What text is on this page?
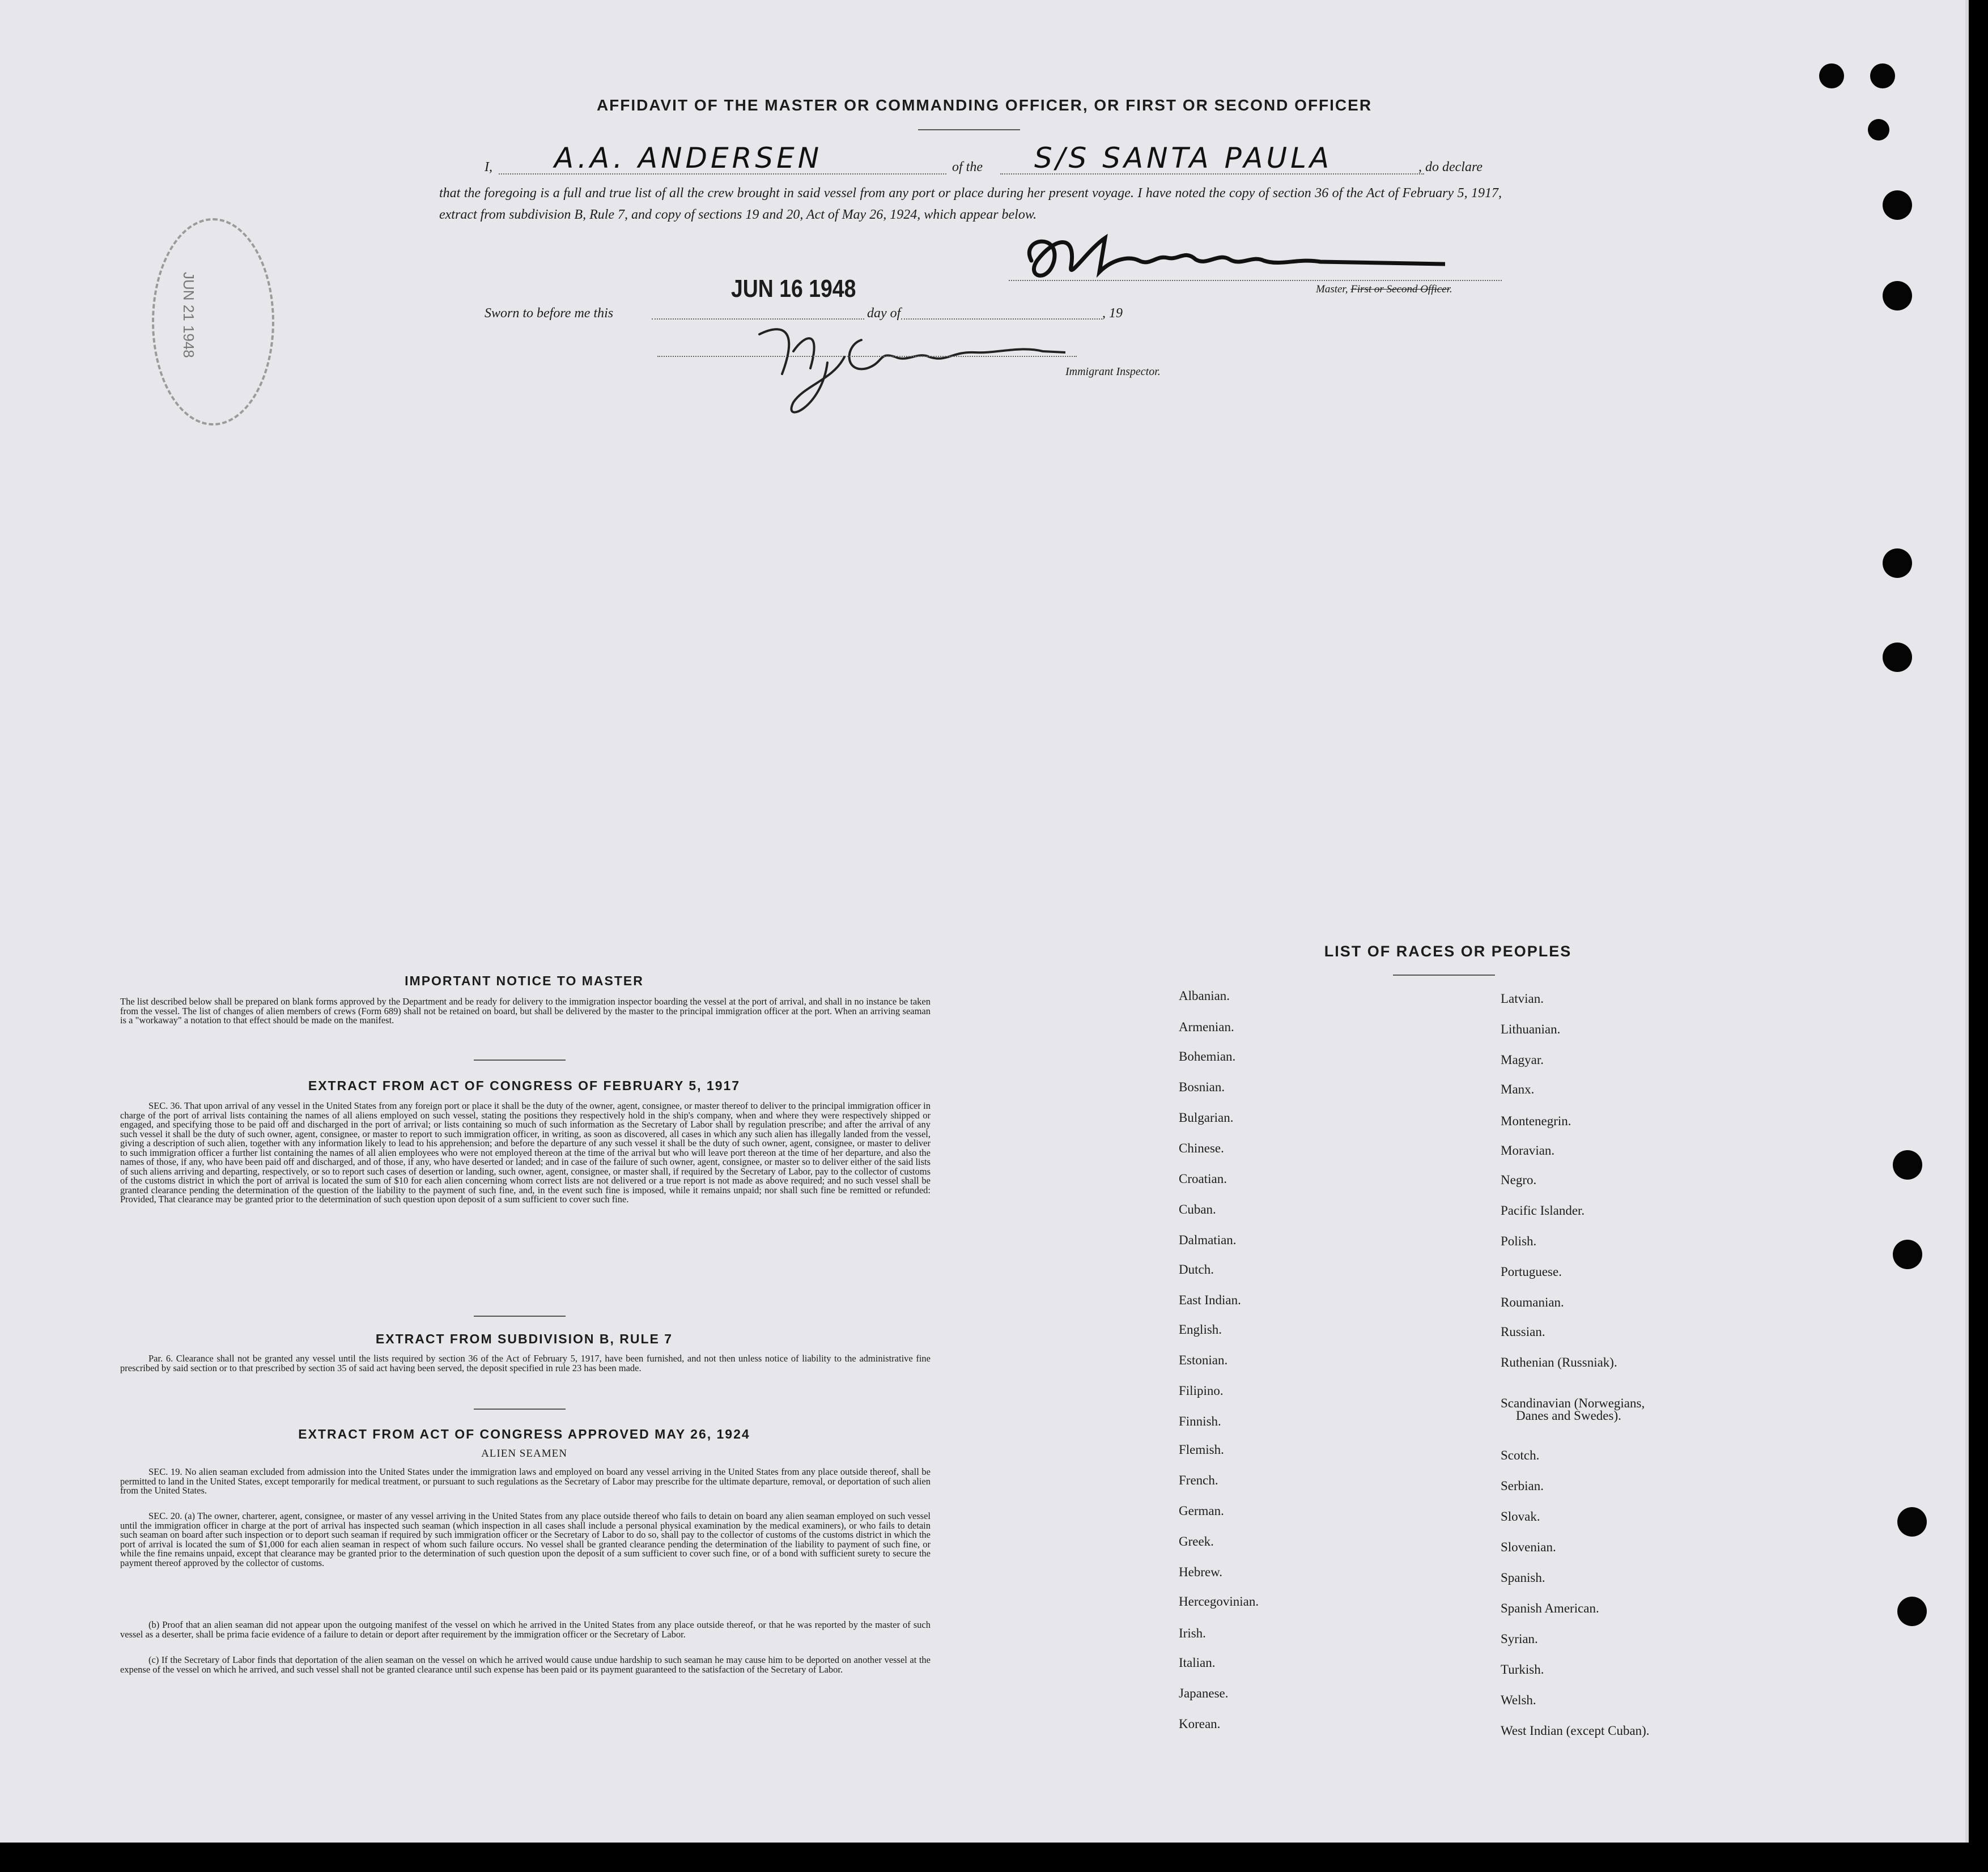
JUN 21 1948
AFFIDAVIT OF THE MASTER OR COMMANDING OFFICER, OR FIRST OR SECOND OFFICER
I, A.A. ANDERSEN	of the S/S SANTA PAULA	, do declare
that the foregoing is a full and true list of all the crew brought in said vessel from any port or place during her present voyage. I have noted the copy of section 36 of the Act of February 5, 1917, extract from subdivision B, Rule 7, and copy of sections 19 and 20, Act of May 26, 1924, which appear below.
Master, First or Second Officer.
JUN 16 1948
Sworn to before me this	day of	, 19
Immigrant Inspector.
IMPORTANT NOTICE TO MASTER
The list described below shall be prepared on blank forms approved by the Department and be ready for delivery to the immigration inspector boarding the vessel at the port of arrival, and shall in no instance be taken from the vessel. The list of changes of alien members of crews (Form 689) shall not be retained on board, but shall be delivered by the master to the principal immigration officer at the port. When an arriving seaman is a "workaway" a notation to that effect should be made on the manifest.
EXTRACT FROM ACT OF CONGRESS OF FEBRUARY 5, 1917
SEC. 36. That upon arrival of any vessel in the United States from any foreign port or place it shall be the duty of the owner, agent, consignee, or master thereof to deliver to the principal immigration officer in charge of the port of arrival lists containing the names of all aliens employed on such vessel, stating the positions they respectively hold in the ship's company, when and where they were respectively shipped or engaged, and specifying those to be paid off and discharged in the port of arrival; or lists containing so much of such information as the Secretary of Labor shall by regulation prescribe; and after the arrival of any such vessel it shall be the duty of such owner, agent, consignee, or master to report to such immigration officer, in writing, as soon as discovered, all cases in which any such alien has illegally landed from the vessel, giving a description of such alien, together with any information likely to lead to his apprehension; and before the departure of any such vessel it shall be the duty of such owner, agent, consignee, or master to deliver to such immigration officer a further list containing the names of all alien employees who were not employed thereon at the time of the arrival but who will leave port thereon at the time of her departure, and also the names of those, if any, who have been paid off and discharged, and of those, if any, who have deserted or landed; and in case of the failure of such owner, agent, consignee, or master so to deliver either of the said lists of such aliens arriving and departing, respectively, or so to report such cases of desertion or landing, such owner, agent, consignee, or master shall, if required by the Secretary of Labor, pay to the collector of customs of the customs district in which the port of arrival is located the sum of $10 for each alien concerning whom correct lists are not delivered or a true report is not made as above required; and no such vessel shall be granted clearance pending the determination of the question of the liability to the payment of such fine, and, in the event such fine is imposed, while it remains unpaid; nor shall such fine be remitted or refunded: Provided, That clearance may be granted prior to the determination of such question upon deposit of a sum sufficient to cover such fine.
EXTRACT FROM SUBDIVISION B, RULE 7
Par. 6. Clearance shall not be granted any vessel until the lists required by section 36 of the Act of February 5, 1917, have been furnished, and not then unless notice of liability to the administrative fine prescribed by said section or to that prescribed by section 35 of said act having been served, the deposit specified in rule 23 has been made.
EXTRACT FROM ACT OF CONGRESS APPROVED MAY 26, 1924
ALIEN SEAMEN
SEC. 19. No alien seaman excluded from admission into the United States under the immigration laws and employed on board any vessel arriving in the United States from any place outside thereof, shall be permitted to land in the United States, except temporarily for medical treatment, or pursuant to such regulations as the Secretary of Labor may prescribe for the ultimate departure, removal, or deportation of such alien from the United States.
SEC. 20. (a) The owner, charterer, agent, consignee, or master of any vessel arriving in the United States from any place outside thereof who fails to detain on board any alien seaman employed on such vessel until the immigration officer in charge at the port of arrival has inspected such seaman (which inspection in all cases shall include a personal physical examination by the medical examiners), or who fails to detain such seaman on board after such inspection or to deport such seaman if required by such immigration officer or the Secretary of Labor to do so, shall pay to the collector of customs of the customs district in which the port of arrival is located the sum of $1,000 for each alien seaman in respect of whom such failure occurs. No vessel shall be granted clearance pending the determination of the liability to payment of such fine, or while the fine remains unpaid, except that clearance may be granted prior to the determination of such question upon the deposit of a sum sufficient to cover such fine, or of a bond with sufficient surety to secure the payment thereof approved by the collector of customs.
(b) Proof that an alien seaman did not appear upon the outgoing manifest of the vessel on which he arrived in the United States from any place outside thereof, or that he was reported by the master of such vessel as a deserter, shall be prima facie evidence of a failure to detain or deport after requirement by the immigration officer or the Secretary of Labor.
(c) If the Secretary of Labor finds that deportation of the alien seaman on the vessel on which he arrived would cause undue hardship to such seaman he may cause him to be deported on another vessel at the expense of the vessel on which he arrived, and such vessel shall not be granted clearance until such expense has been paid or its payment guaranteed to the satisfaction of the Secretary of Labor.
LIST OF RACES OR PEOPLES
Albanian.
Armenian.
Bohemian.
Bosnian.
Bulgarian.
Chinese.
Croatian.
Cuban.
Dalmatian.
Dutch.
East Indian.
English.
Estonian.
Filipino.
Finnish.
Flemish.
French.
German.
Greek.
Hebrew.
Hercegovinian.
Irish.
Italian.
Japanese.
Korean.
Latvian.
Lithuanian.
Magyar.
Manx.
Montenegrin.
Moravian.
Negro.
Pacific Islander.
Polish.
Portuguese.
Roumanian.
Russian.
Ruthenian (Russniak).
Scandinavian (Norwegians,
Danes and Swedes).
Scotch.
Serbian.
Slovak.
Slovenian.
Spanish.
Spanish American.
Syrian.
Turkish.
Welsh.
West Indian (except Cuban).
